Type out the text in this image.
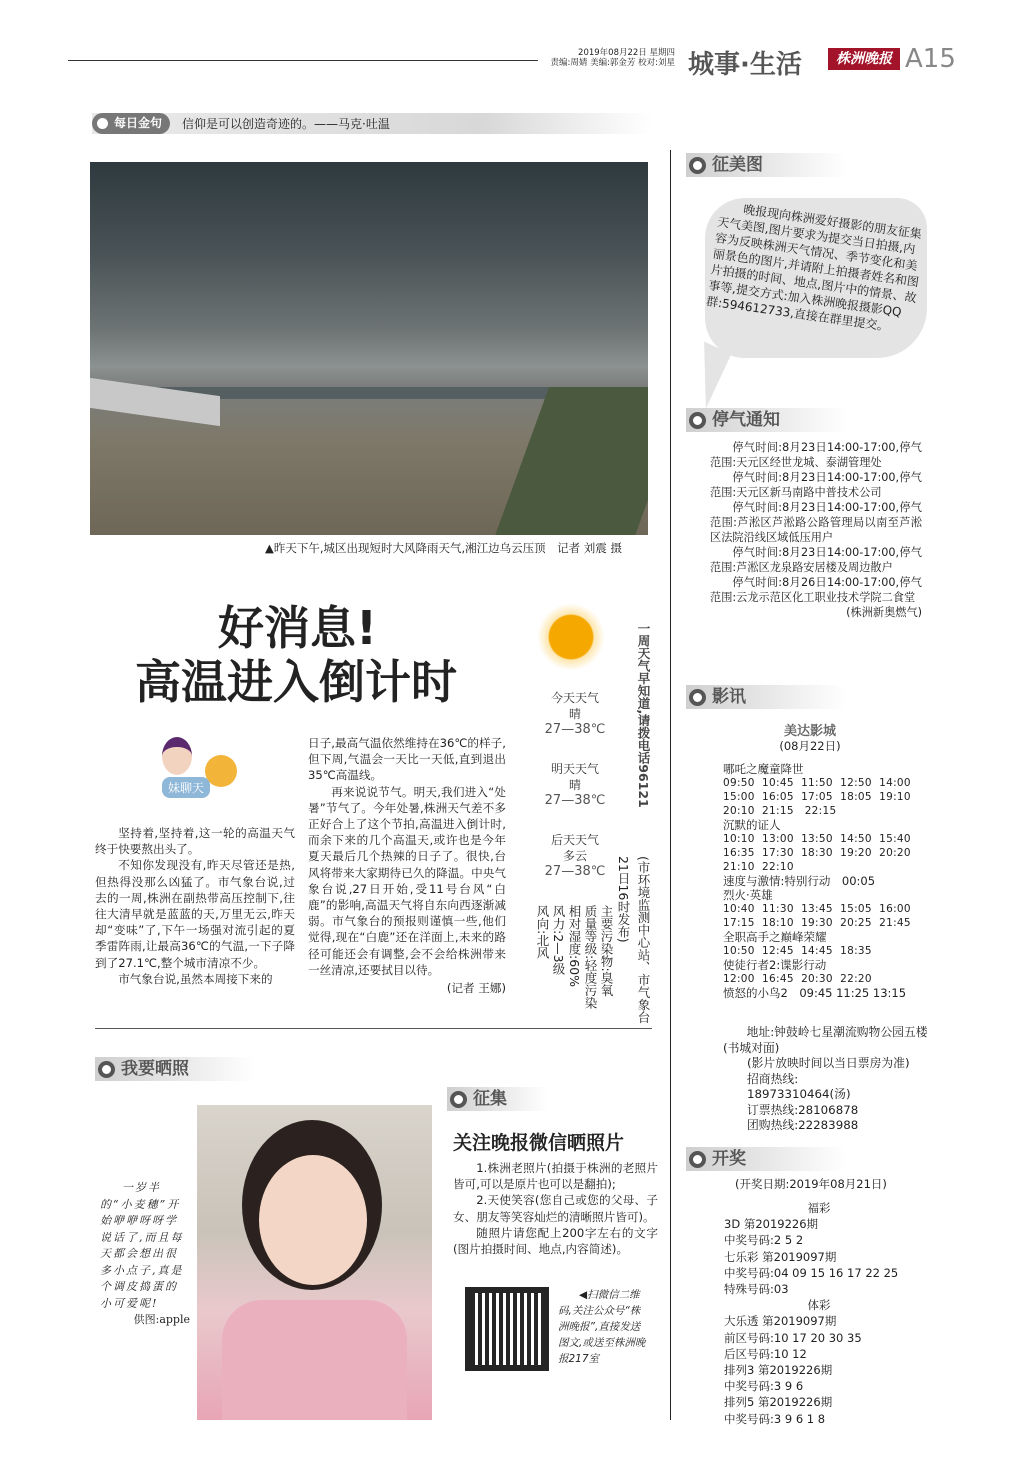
2019年08月22日 星期四
责编:周婧 美编:郭金芳 校对:刘星 城事·生活	株洲晚报 A15
每日金句	信仰是可以创造奇迹的。——马克·吐温
▲昨天下午,城区出现短时大风降雨天气,湘江边乌云压顶　记者 刘震 摄
好消息!
高温进入倒计时	今天天气
晴
27—38℃
明天天气
晴
27—38℃
后天天气
多云
27—38℃
主要污染物:臭氧
质量等级:轻度污染
相对湿度:60%
风力:2—3级
风向:北风
一周天气早知道,请拨电话96121
(市环境监测中心站、市气象台
21日16时发布)
妹聊天

坚持着,坚持着,这一轮的高温天气终于快要熬出头了。

不知你发现没有,昨天尽管还是热,但热得没那么凶猛了。市气象台说,过去的一周,株洲在副热带高压控制下,往往大清早就是蓝蓝的天,万里无云,昨天却“变味”了,下午一场强对流引起的夏季雷阵雨,让最高36℃的气温,一下子降到了27.1℃,整个城市清凉不少。

市气象台说,虽然本周接下来的

日子,最高气温依然维持在36℃的样子,但下周,气温会一天比一天低,直到退出35℃高温线。

再来说说节气。明天,我们进入“处暑”节气了。今年处暑,株洲天气差不多正好合上了这个节拍,高温进入倒计时,而余下来的几个高温天,或许也是今年夏天最后几个热辣的日子了。很快,台风将带来大家期待已久的降温。中央气象台说,27日开始,受11号台风“白鹿”的影响,高温天气将自东向西逐渐减弱。市气象台的预报则谨慎一些,他们觉得,现在“白鹿”还在洋面上,未来的路径可能还会有调整,会不会给株洲带来一丝清凉,还要拭目以待。

(记者 王娜)
我要晒照

一岁半的“小麦穗”开始咿咿呀呀学说话了,而且每天都会想出很多小点子,真是个调皮捣蛋的小可爱呢!

供图:apple
征集
关注晚报微信晒照片

1.株洲老照片(拍摄于株洲的老照片皆可,可以是原片也可以是翻拍);

2.天使笑容(您自己或您的父母、子女、朋友等笑容灿烂的清晰照片皆可)。

随照片请您配上200字左右的文字(图片拍摄时间、地点,内容简述)。

◀扫微信二维码,关注公众号“株洲晚报”,直接发送图文,或送至株洲晚报217室
征美图
晚报现向株洲爱好摄影的朋友征集天气美图,图片要求为提交当日拍摄,内容为反映株洲天气情况、季节变化和美丽景色的图片,并请附上拍摄者姓名和图片拍摄的时间、地点,图片中的情景、故事等,提交方式:加入株洲晚报摄影QQ群:594612733,直接在群里提交。
停气通知

停气时间:8月23日14:00-17:00,停气范围:天元区经世龙城、泰湖管理处

停气时间:8月23日14:00-17:00,停气范围:天元区新马南路中普技术公司

停气时间:8月23日14:00-17:00,停气范围:芦淞区芦淞路公路管理局以南至芦淞区法院沿线区域低压用户

停气时间:8月23日14:00-17:00,停气范围:芦淞区龙泉路安居楼及周边散户

停气时间:8月26日14:00-17:00,停气范围:云龙示范区化工职业技术学院二食堂

(株洲新奥燃气)
影讯
美达影城
(08月22日)
哪吒之魔童降世
09:50  10:45  11:50  12:50  14:00
15:00  16:05  17:05  18:05  19:10
20:10  21:15   22:15
沉默的证人
10:10  13:00  13:50  14:50  15:40
16:35  17:30  18:30  19:20  20:20
21:10  22:10
速度与激情:特别行动　00:05
烈火·英雄
10:40  11:30  13:45  15:05  16:00
17:15  18:10  19:30  20:25  21:45
全职高手之巅峰荣耀
10:50  12:45  14:45  18:35
使徒行者2:谍影行动
12:00  16:45  20:30  22:20
愤怒的小鸟2　09:45 11:25 13:15

地址:钟鼓岭七星潮流购物公园五楼(书城对面)

(影片放映时间以当日票房为准)
招商热线:
18973310464(汤)
订票热线:28106878
团购热线:22283988
开奖
(开奖日期:2019年08月21日)
福彩
3D 第2019226期
中奖号码:2 5 2
七乐彩 第2019097期
中奖号码:04 09 15 16 17 22 25
特殊号码:03
体彩
大乐透 第2019097期
前区号码:10 17 20 30 35
后区号码:10 12
排列3 第2019226期
中奖号码:3 9 6
排列5 第2019226期
中奖号码:3 9 6 1 8
